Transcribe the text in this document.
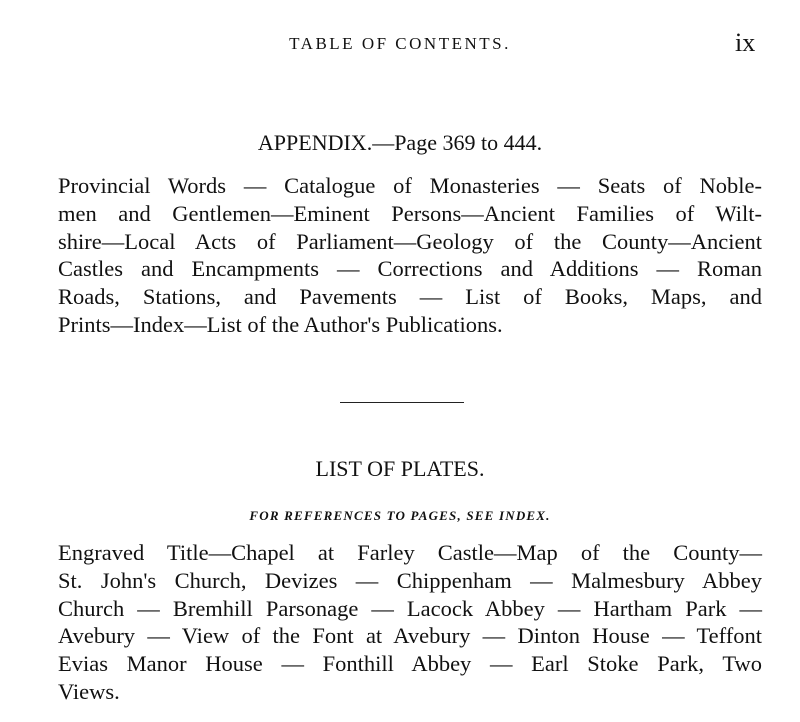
TABLE OF CONTENTS.	ix
APPENDIX.—Page 369 to 444.
Provincial Words — Catalogue of Monasteries — Seats of Noble-
men and Gentlemen—Eminent Persons—Ancient Families of Wilt-
shire—Local Acts of Parliament—Geology of the County—Ancient
Castles and Encampments — Corrections and Additions — Roman
Roads, Stations, and Pavements — List of Books, Maps, and
Prints—Index—List of the Author's Publications.
LIST OF PLATES.
FOR REFERENCES TO PAGES, SEE INDEX.
Engraved Title—Chapel at Farley Castle—Map of the County—
St. John's Church, Devizes — Chippenham — Malmesbury Abbey
Church — Bremhill Parsonage — Lacock Abbey — Hartham Park —
Avebury — View of the Font at Avebury — Dinton House — Teffont
Evias Manor House — Fonthill Abbey — Earl Stoke Park, Two
Views.
